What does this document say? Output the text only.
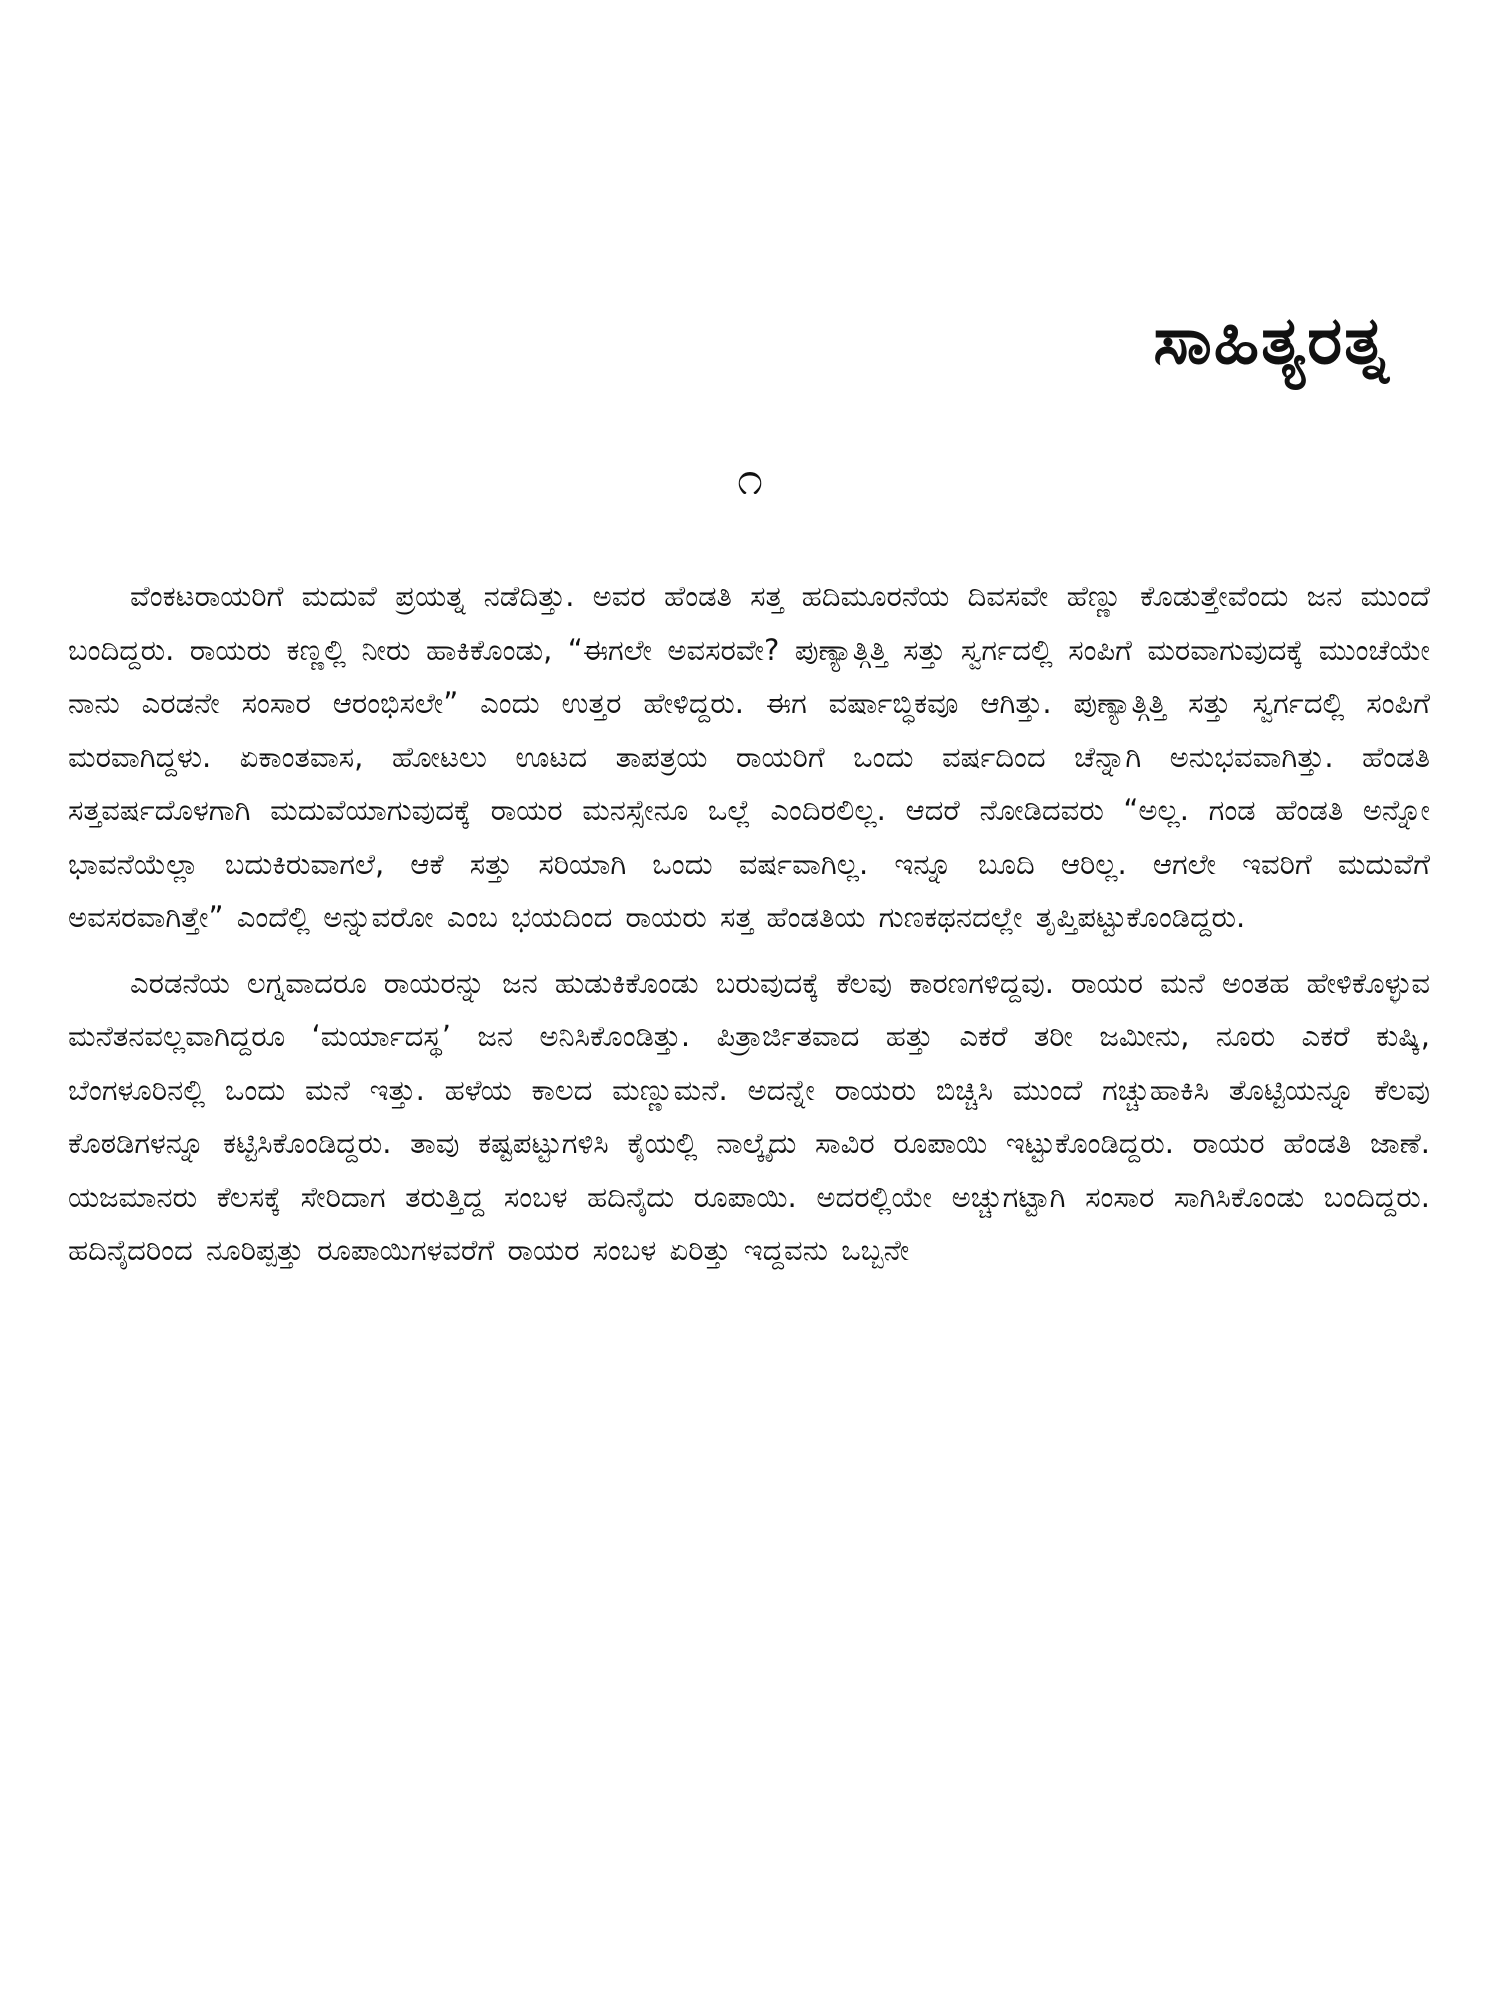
ಸಾಹಿತ್ಯರತ್ನ
೧

ವೆಂಕಟರಾಯರಿಗೆ ಮದುವೆ ಪ್ರಯತ್ನ ನಡೆದಿತ್ತು. ಅವರ ಹೆಂಡತಿ ಸತ್ತ ಹದಿಮೂರನೆಯ ದಿವಸವೇ ಹೆಣ್ಣು ಕೊಡುತ್ತೇವೆಂದು ಜನ ಮುಂದೆ ಬಂದಿದ್ದರು. ರಾಯರು ಕಣ್ಣಲ್ಲಿ ನೀರು ಹಾಕಿಕೊಂಡು, “ಈಗಲೇ ಅವಸರವೇ? ಪುಣ್ಯಾತ್ಗಿತ್ತಿ ಸತ್ತು ಸ್ವರ್ಗದಲ್ಲಿ ಸಂಪಿಗೆ ಮರವಾಗುವುದಕ್ಕೆ ಮುಂಚೆಯೇ ನಾನು ಎರಡನೇ ಸಂಸಾರ ಆರಂಭಿಸಲೇ” ಎಂದು ಉತ್ತರ ಹೇಳಿದ್ದರು. ಈಗ ವರ್ಷಾಬ್ಧಿಕವೂ ಆಗಿತ್ತು. ಪುಣ್ಯಾತ್ಗಿತ್ತಿ ಸತ್ತು ಸ್ವರ್ಗದಲ್ಲಿ ಸಂಪಿಗೆ ಮರವಾಗಿದ್ದಳು. ಏಕಾಂತವಾಸ, ಹೋಟಲು ಊಟದ ತಾಪತ್ರಯ ರಾಯರಿಗೆ ಒಂದು ವರ್ಷದಿಂದ ಚೆನ್ನಾಗಿ ಅನುಭವವಾಗಿತ್ತು. ಹೆಂಡತಿ ಸತ್ತವರ್ಷದೊಳಗಾಗಿ ಮದುವೆಯಾಗುವುದಕ್ಕೆ ರಾಯರ ಮನಸ್ಸೇನೂ ಒಲ್ಲೆ ಎಂದಿರಲಿಲ್ಲ. ಆದರೆ ನೋಡಿದವರು “ಅಲ್ಲ. ಗಂಡ ಹೆಂಡತಿ ಅನ್ನೋ ಭಾವನೆಯೆಲ್ಲಾ ಬದುಕಿರುವಾಗಲೆ, ಆಕೆ ಸತ್ತು ಸರಿಯಾಗಿ ಒಂದು ವರ್ಷವಾಗಿಲ್ಲ. ಇನ್ನೂ ಬೂದಿ ಆರಿಲ್ಲ. ಆಗಲೇ ಇವರಿಗೆ ಮದುವೆಗೆ ಅವಸರವಾಗಿತ್ತೇ” ಎಂದೆಲ್ಲಿ ಅನ್ನುವರೋ ಎಂಬ ಭಯದಿಂದ ರಾಯರು ಸತ್ತ ಹೆಂಡತಿಯ ಗುಣಕಥನದಲ್ಲೇ ತೃಪ್ತಿಪಟ್ಟುಕೊಂಡಿದ್ದರು.

ಎರಡನೆಯ ಲಗ್ನವಾದರೂ ರಾಯರನ್ನು ಜನ ಹುಡುಕಿಕೊಂಡು ಬರುವುದಕ್ಕೆ ಕೆಲವು ಕಾರಣಗಳಿದ್ದವು. ರಾಯರ ಮನೆ ಅಂತಹ ಹೇಳಿಕೊಳ್ಳುವ ಮನೆತನವಲ್ಲವಾಗಿದ್ದರೂ ‘ಮರ್ಯಾದಸ್ಥ’ ಜನ ಅನಿಸಿಕೊಂಡಿತ್ತು. ಪಿತ್ರಾರ್ಜಿತವಾದ ಹತ್ತು ಎಕರೆ ತರೀ ಜಮೀನು, ನೂರು ಎಕರೆ ಕುಷ್ಕಿ, ಬೆಂಗಳೂರಿನಲ್ಲಿ ಒಂದು ಮನೆ ಇತ್ತು. ಹಳೆಯ ಕಾಲದ ಮಣ್ಣುಮನೆ. ಅದನ್ನೇ ರಾಯರು ಬಿಚ್ಚಿಸಿ ಮುಂದೆ ಗಚ್ಚುಹಾಕಿಸಿ ತೊಟ್ಟಿಯನ್ನೂ ಕೆಲವು ಕೊಠಡಿಗಳನ್ನೂ ಕಟ್ಟಿಸಿಕೊಂಡಿದ್ದರು. ತಾವು ಕಷ್ಟಪಟ್ಟುಗಳಿಸಿ ಕೈಯಲ್ಲಿ ನಾಲ್ಕೈದು ಸಾವಿರ ರೂಪಾಯಿ ಇಟ್ಟುಕೊಂಡಿದ್ದರು. ರಾಯರ ಹೆಂಡತಿ ಜಾಣೆ. ಯಜಮಾನರು ಕೆಲಸಕ್ಕೆ ಸೇರಿದಾಗ ತರುತ್ತಿದ್ದ ಸಂಬಳ ಹದಿನೈದು ರೂಪಾಯಿ. ಅದರಲ್ಲಿಯೇ ಅಚ್ಚುಗಟ್ಟಾಗಿ ಸಂಸಾರ ಸಾಗಿಸಿಕೊಂಡು ಬಂದಿದ್ದರು. ಹದಿನೈದರಿಂದ ನೂರಿಪ್ಪತ್ತು ರೂಪಾಯಿಗಳವರೆಗೆ ರಾಯರ ಸಂಬಳ ಏರಿತ್ತು ಇದ್ದವನು ಒಬ್ಬನೇ
